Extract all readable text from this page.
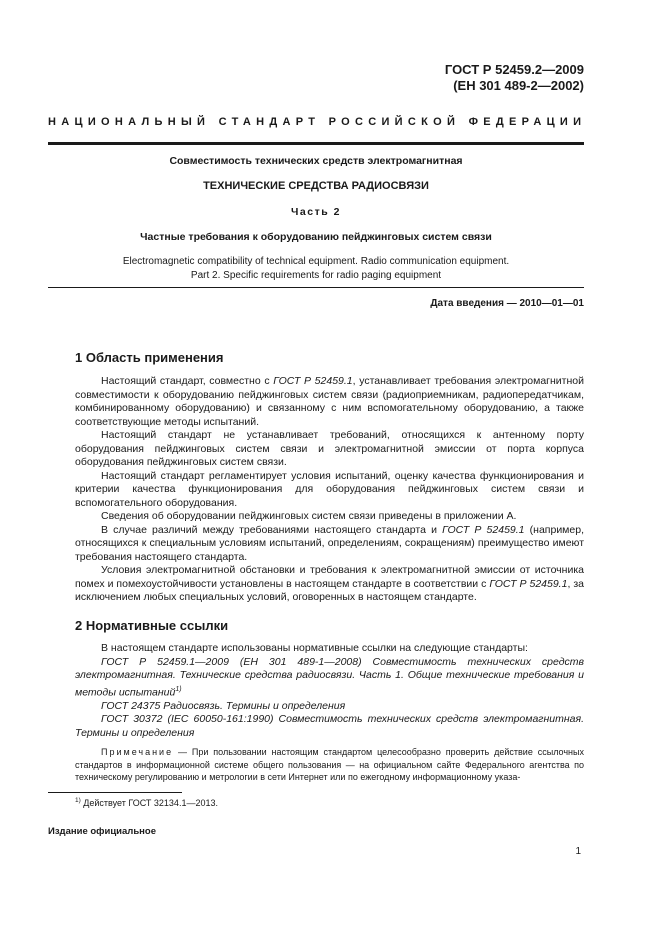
ГОСТ Р 52459.2—2009
(ЕН 301 489-2—2002)
НАЦИОНАЛЬНЫЙ СТАНДАРТ РОССИЙСКОЙ ФЕДЕРАЦИИ
Совместимость технических средств электромагнитная
ТЕХНИЧЕСКИЕ СРЕДСТВА РАДИОСВЯЗИ
Часть 2
Частные требования к оборудованию пейджинговых систем связи
Electromagnetic compatibility of technical equipment. Radio communication equipment.
Part 2. Specific requirements for radio paging equipment
Дата введения — 2010—01—01
1 Область применения

Настоящий стандарт, совместно с ГОСТ Р 52459.1, устанавливает требования электромагнитной совместимости к оборудованию пейджинговых систем связи (радиоприемникам, радиопередатчикам, комбинированному оборудованию) и связанному с ним вспомогательному оборудованию, а также соответствующие методы испытаний.

Настоящий стандарт не устанавливает требований, относящихся к антенному порту оборудования пейджинговых систем связи и электромагнитной эмиссии от порта корпуса оборудования пейджинговых систем связи.

Настоящий стандарт регламентирует условия испытаний, оценку качества функционирования и критерии качества функционирования для оборудования пейджинговых систем связи и вспомогательного оборудования.

Сведения об оборудовании пейджинговых систем связи приведены в приложении А.

В случае различий между требованиями настоящего стандарта и ГОСТ Р 52459.1 (например, относящихся к специальным условиям испытаний, определениям, сокращениям) преимущество имеют требования настоящего стандарта.

Условия электромагнитной обстановки и требования к электромагнитной эмиссии от источника помех и помехоустойчивости установлены в настоящем стандарте в соответствии с ГОСТ Р 52459.1, за исключением любых специальных условий, оговоренных в настоящем стандарте.

2 Нормативные ссылки

В настоящем стандарте использованы нормативные ссылки на следующие стандарты:

ГОСТ Р 52459.1—2009 (ЕН 301 489-1—2008) Совместимость технических средств электромагнитная. Технические средства радиосвязи. Часть 1. Общие технические требования и методы испытаний$^{1)}$

ГОСТ 24375 Радиосвязь. Термины и определения

ГОСТ 30372 (IEC 60050-161:1990) Совместимость технических средств электромагнитная. Термины и определения

Примечание — При пользовании настоящим стандартом целесообразно проверить действие ссылочных стандартов в информационной системе общего пользования — на официальном сайте Федерального агентства по техническому регулированию и метрологии в сети Интернет или по ежегодному информационному указа-

$^{1)}$ Действует ГОСТ 32134.1—2013.
Издание официальное
1
